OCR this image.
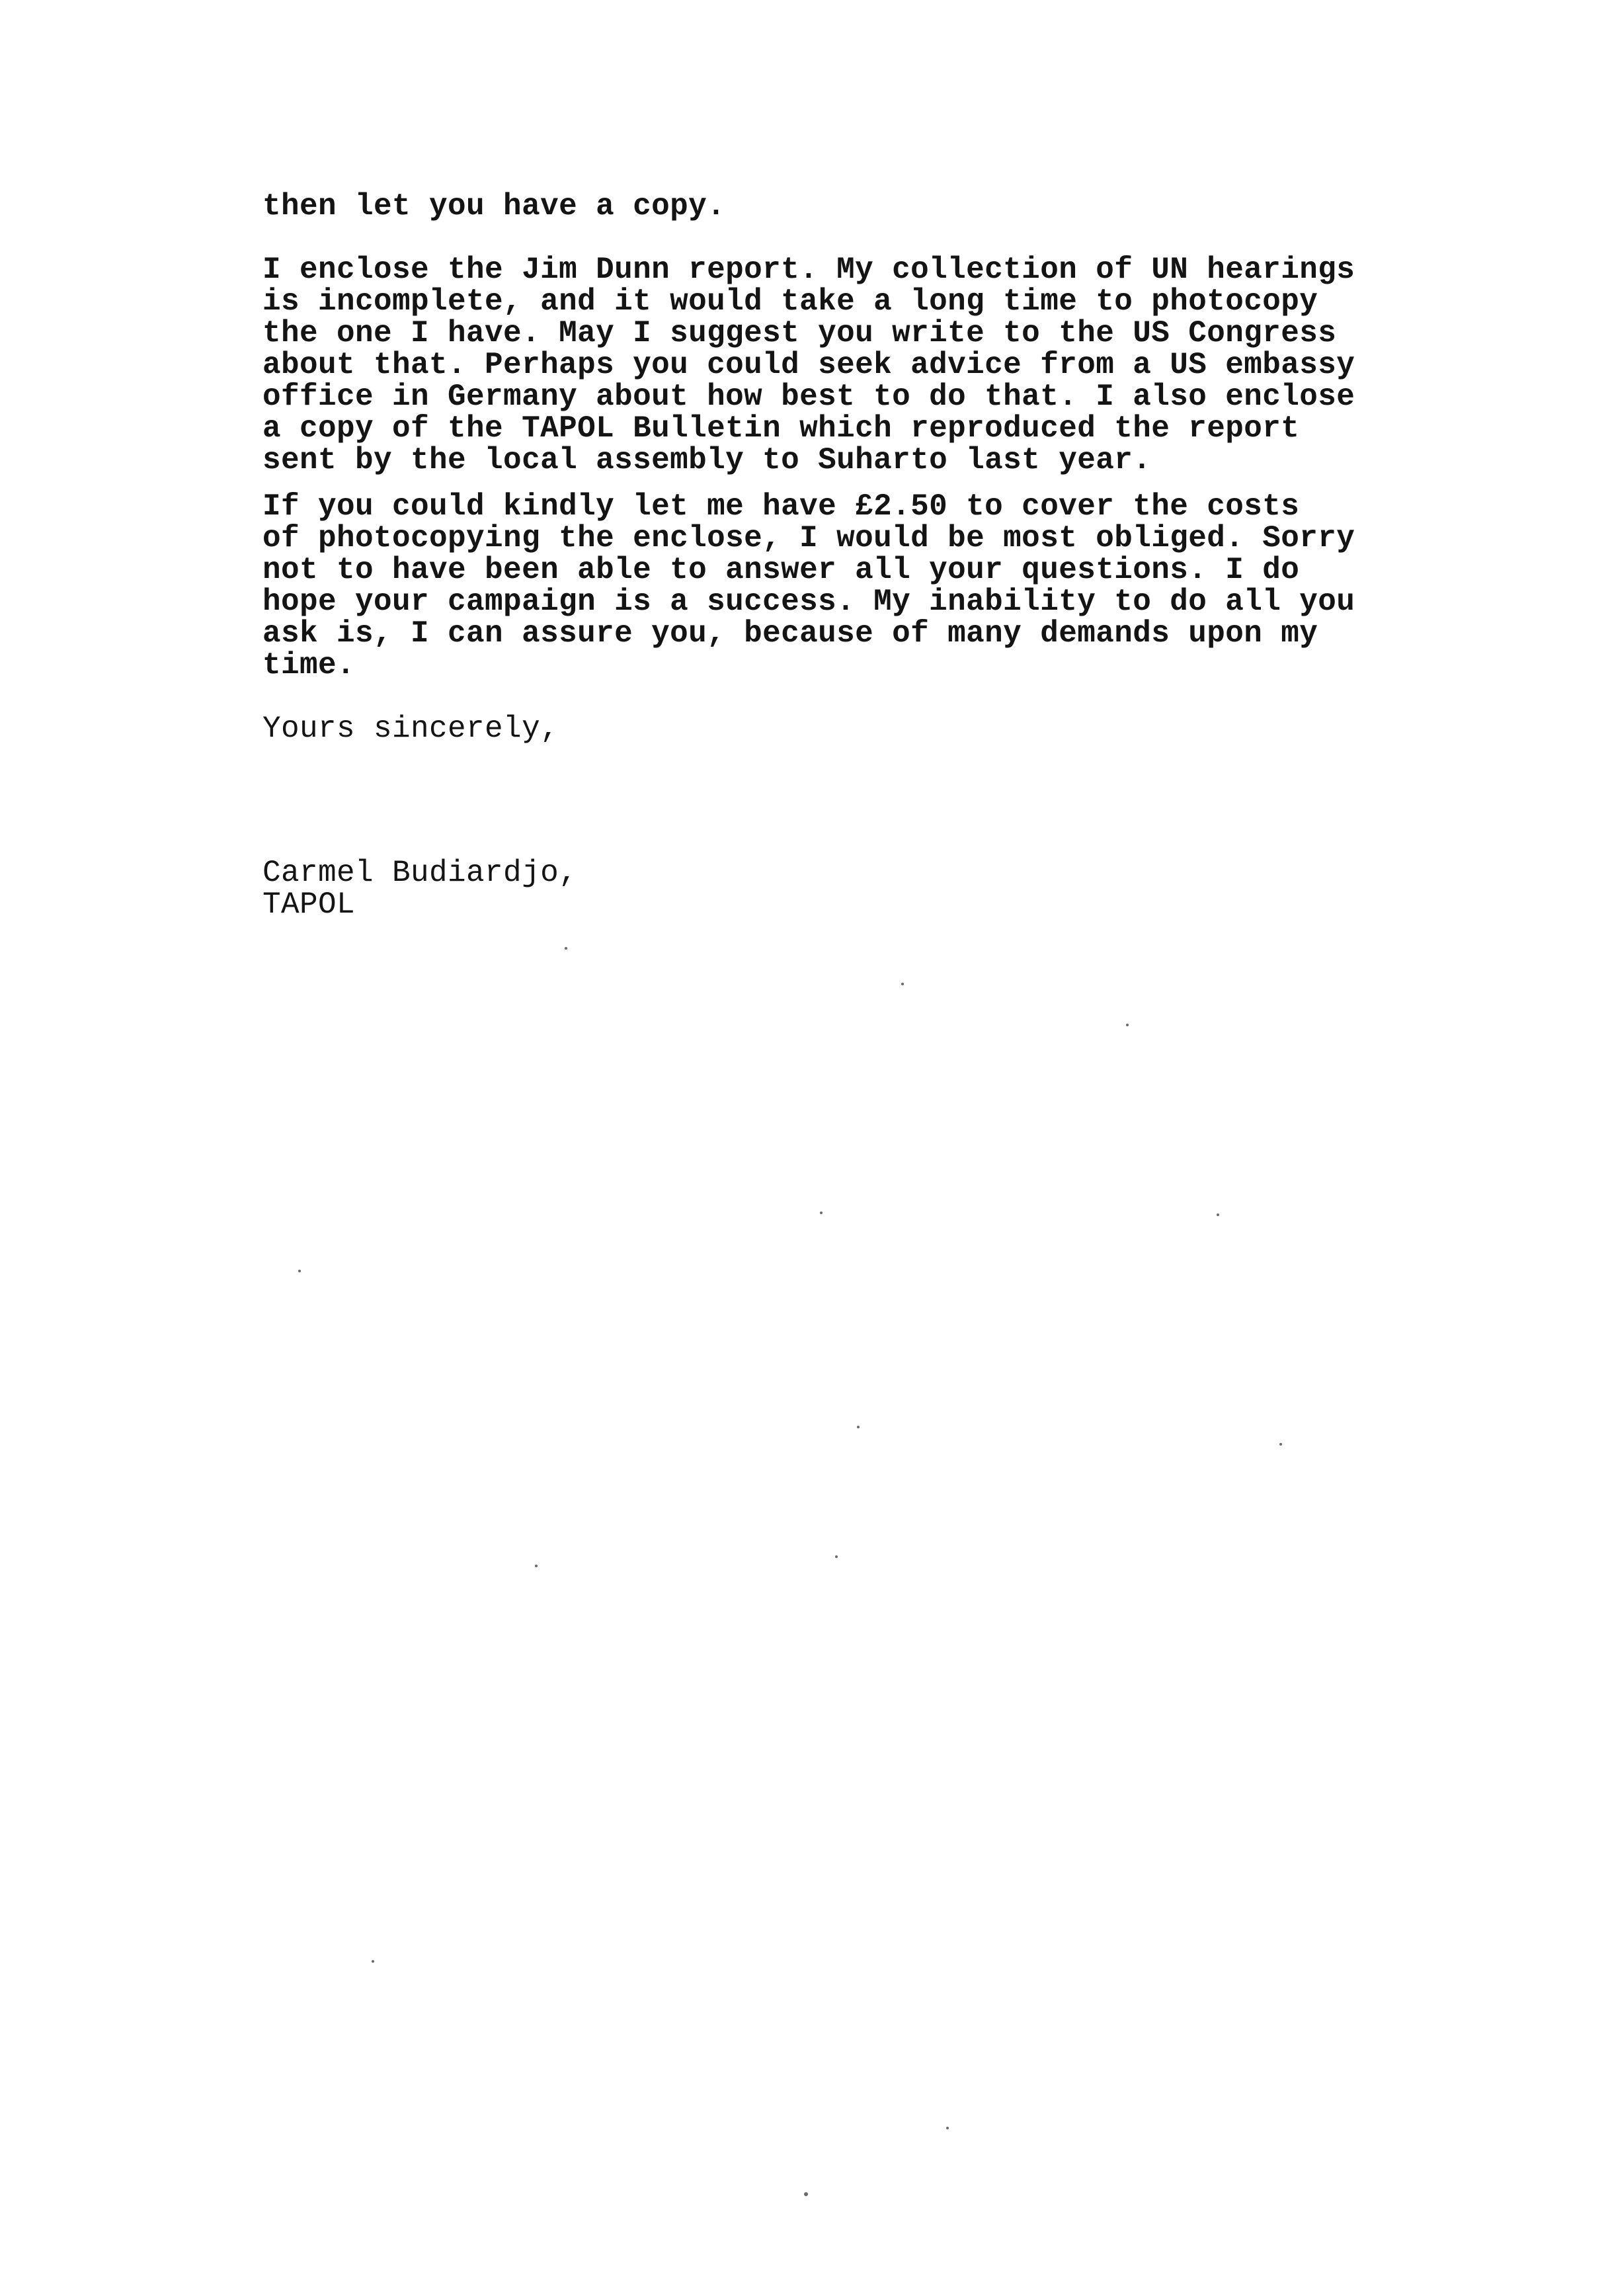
then let you have a copy.
I enclose the Jim Dunn report. My collection of UN hearings
is incomplete, and it would take a long time to photocopy
the one I have. May I suggest you write to the US Congress
about that. Perhaps you could seek advice from a US embassy
office in Germany about how best to do that. I also enclose
a copy of the TAPOL Bulletin which reproduced the report
sent by the local assembly to Suharto last year.
If you could kindly let me have £2.50 to cover the costs
of photocopying the enclose, I would be most obliged. Sorry
not to have been able to answer all your questions. I do
hope your campaign is a success. My inability to do all you
ask is, I can assure you, because of many demands upon my
time.
Yours sincerely,
Carmel Budiardjo,
TAPOL
